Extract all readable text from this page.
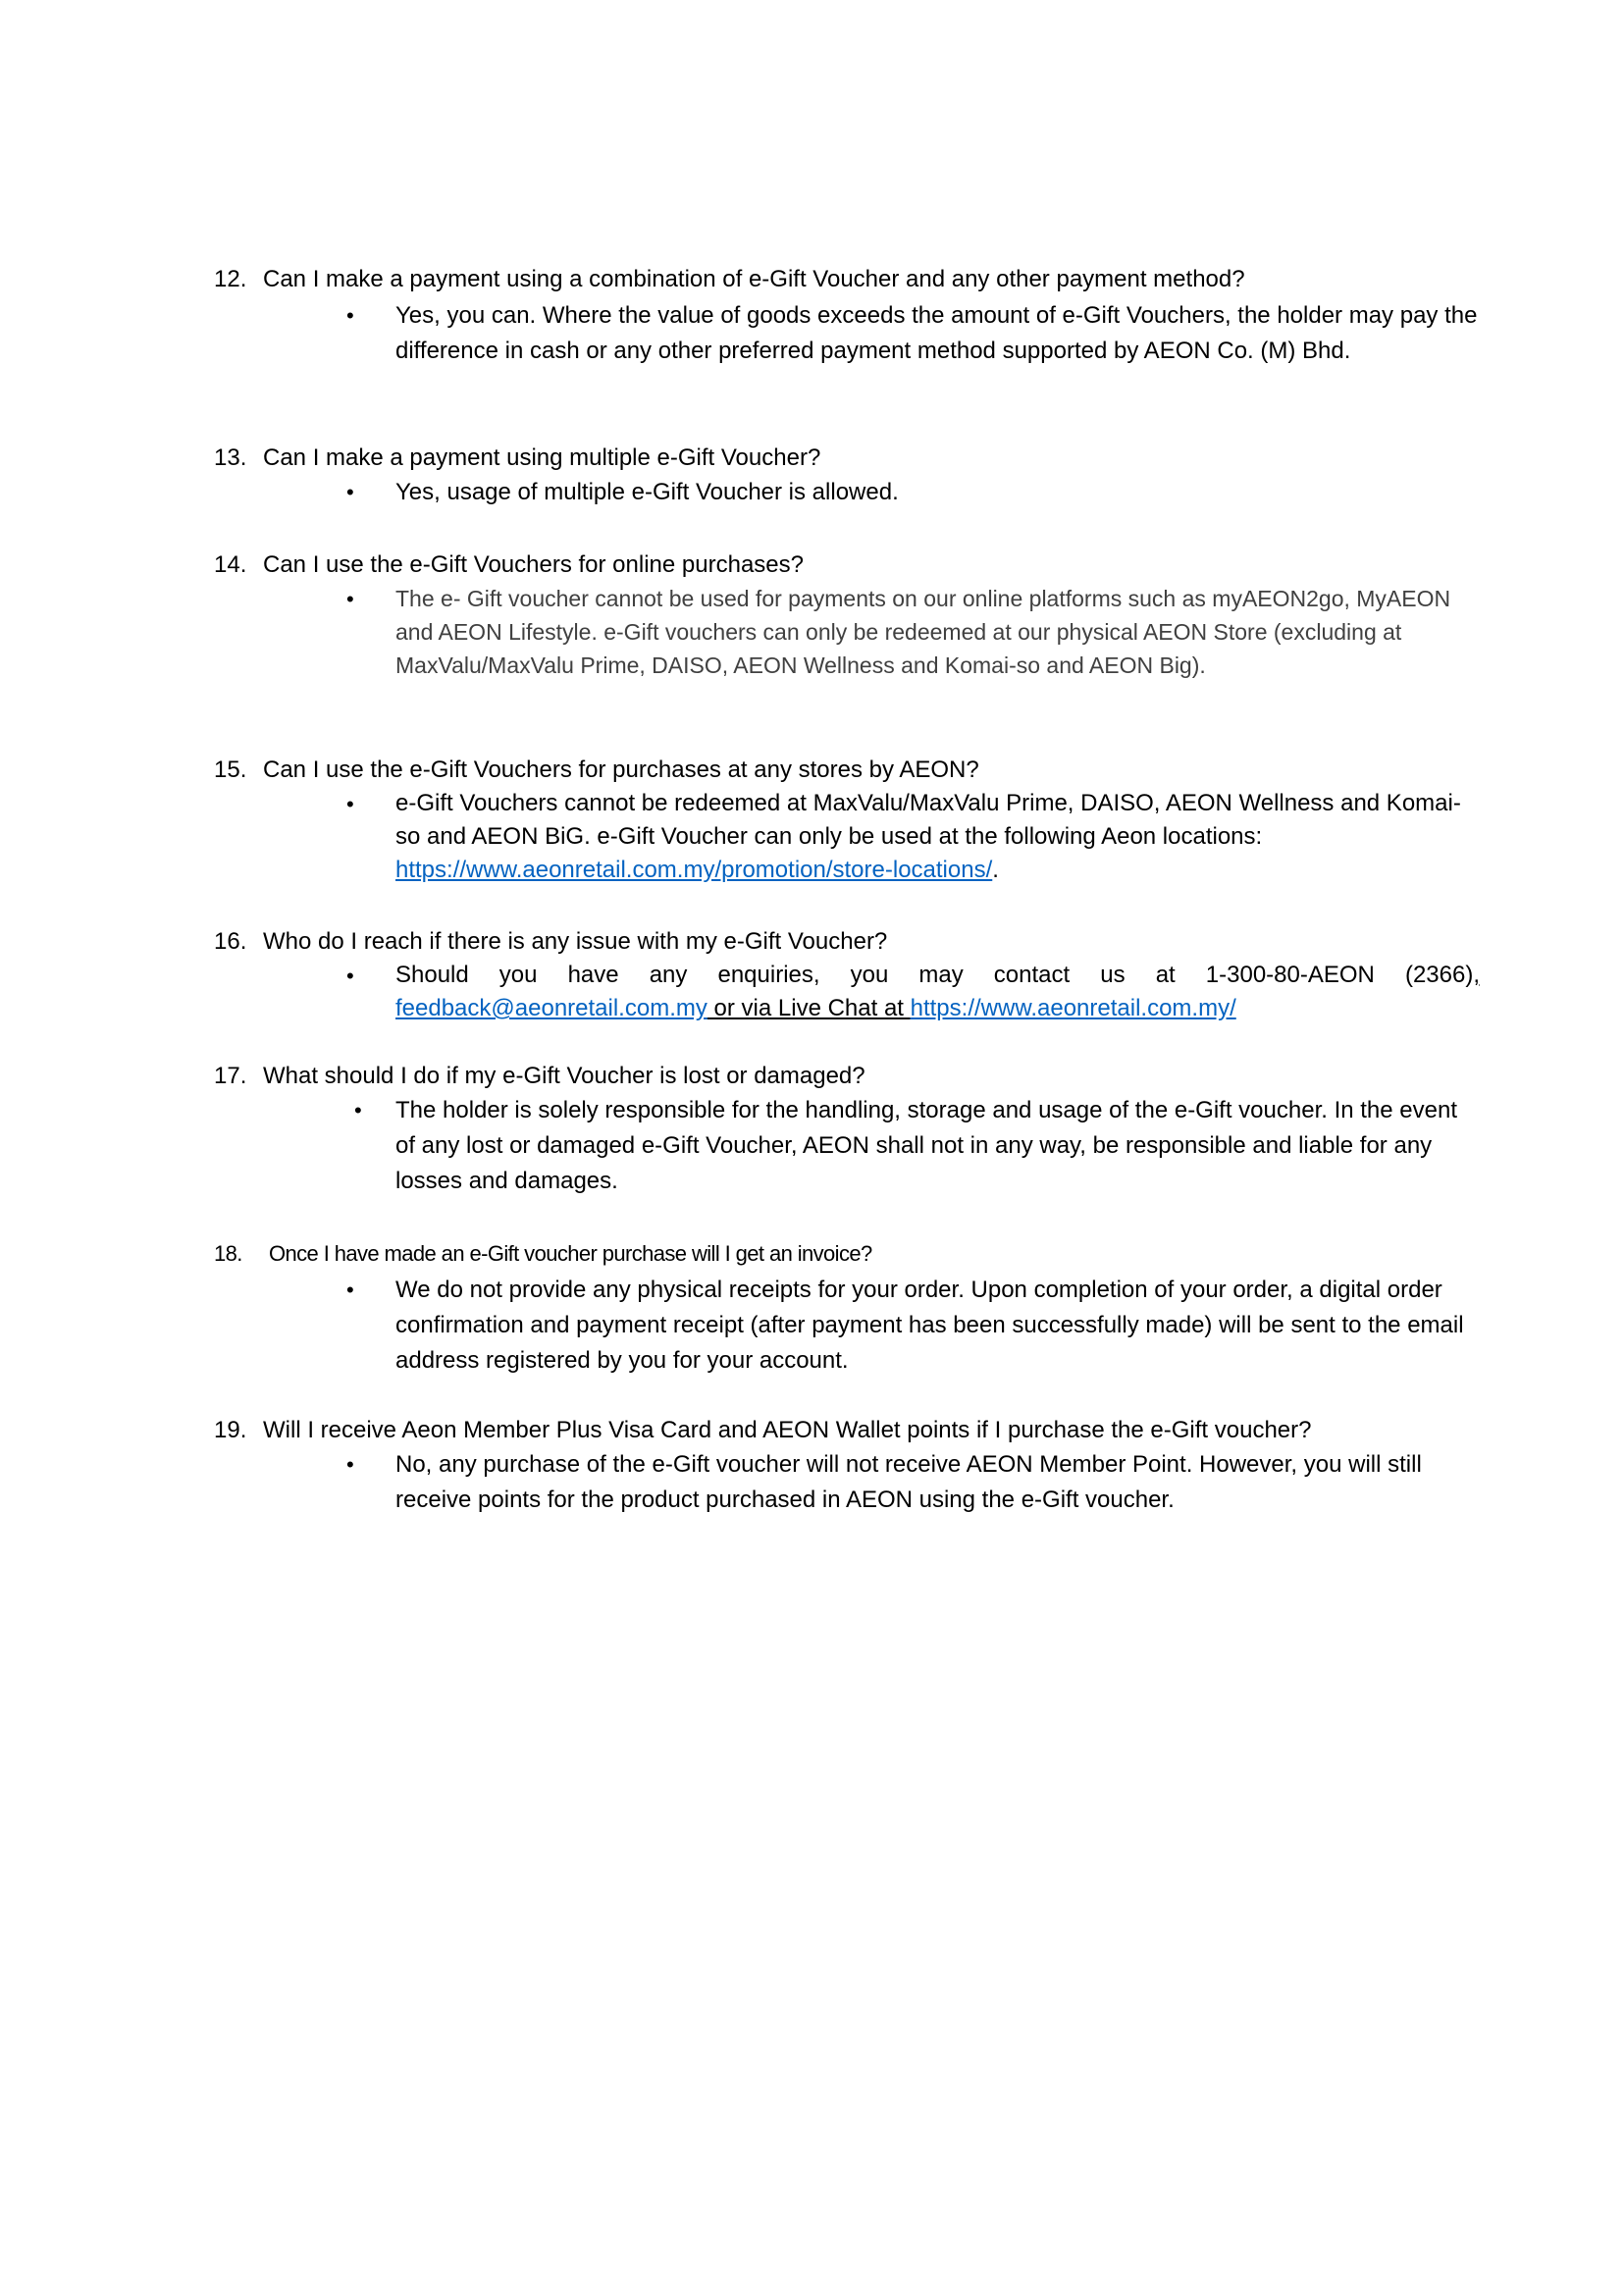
12. Can I make a payment using a combination of e-Gift Voucher and any other payment method?

• Yes, you can. Where the value of goods exceeds the amount of e-Gift Vouchers, the holder may pay the difference in cash or any other preferred payment method supported by AEON Co. (M) Bhd.
13. Can I make a payment using multiple e-Gift Voucher?

• Yes, usage of multiple e-Gift Voucher is allowed.
14. Can I use the e-Gift Vouchers for online purchases?

• The e- Gift voucher cannot be used for payments on our online platforms such as myAEON2go, MyAEON and AEON Lifestyle. e-Gift vouchers can only be redeemed at our physical AEON Store (excluding at MaxValu/MaxValu Prime, DAISO, AEON Wellness and Komai-so and AEON Big).
15. Can I use the e-Gift Vouchers for purchases at any stores by AEON?

• e-Gift Vouchers cannot be redeemed at MaxValu/MaxValu Prime, DAISO, AEON Wellness and Komai-so and AEON BiG. e-Gift Voucher can only be used at the following Aeon locations: https://www.aeonretail.com.my/promotion/store-locations/.
16. Who do I reach if there is any issue with my e-Gift Voucher?

• Should you have any enquiries, you may contact us at 1-300-80-AEON (2366),
feedback@aeonretail.com.my or via Live Chat at https://www.aeonretail.com.my/
17. What should I do if my e-Gift Voucher is lost or damaged?

• The holder is solely responsible for the handling, storage and usage of the e-Gift voucher. In the event of any lost or damaged e-Gift Voucher, AEON shall not in any way, be responsible and liable for any losses and damages.
18. Once I have made an e-Gift voucher purchase will I get an invoice?

• We do not provide any physical receipts for your order. Upon completion of your order, a digital order confirmation and payment receipt (after payment has been successfully made) will be sent to the email address registered by you for your account.
19. Will I receive Aeon Member Plus Visa Card and AEON Wallet points if I purchase the e-Gift voucher?

• No, any purchase of the e-Gift voucher will not receive AEON Member Point. However, you will still receive points for the product purchased in AEON using the e-Gift voucher.
